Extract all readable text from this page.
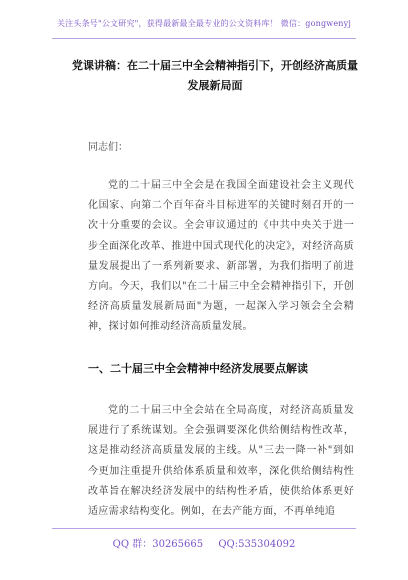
关注头条号"公文研究"，获得最新最全最专业的公文资料库！ 微信：gongwenyj
党课讲稿：在二十届三中全会精神指引下，开创经济高质量发展新局面
同志们：
党的二十届三中全会是在我国全面建设社会主义现代化国家、向第二个百年奋斗目标进军的关键时刻召开的一次十分重要的会议。全会审议通过的《中共中央关于进一步全面深化改革、推进中国式现代化的决定》，对经济高质量发展提出了一系列新要求、新部署，为我们指明了前进方向。今天，我们以"在二十届三中全会精神指引下，开创经济高质量发展新局面"为题，一起深入学习领会全会精神，探讨如何推动经济高质量发展。
一、二十届三中全会精神中经济发展要点解读
党的二十届三中全会站在全局高度，对经济高质量发展进行了系统谋划。全会强调要深化供给侧结构性改革，这是推动经济高质量发展的主线。从"三去一降一补"到如今更加注重提升供给体系质量和效率，深化供给侧结构性改革旨在解决经济发展中的结构性矛盾，使供给体系更好适应需求结构变化。例如，在去产能方面，不再单纯追
QQ 群：30265665 QQ:535304092
